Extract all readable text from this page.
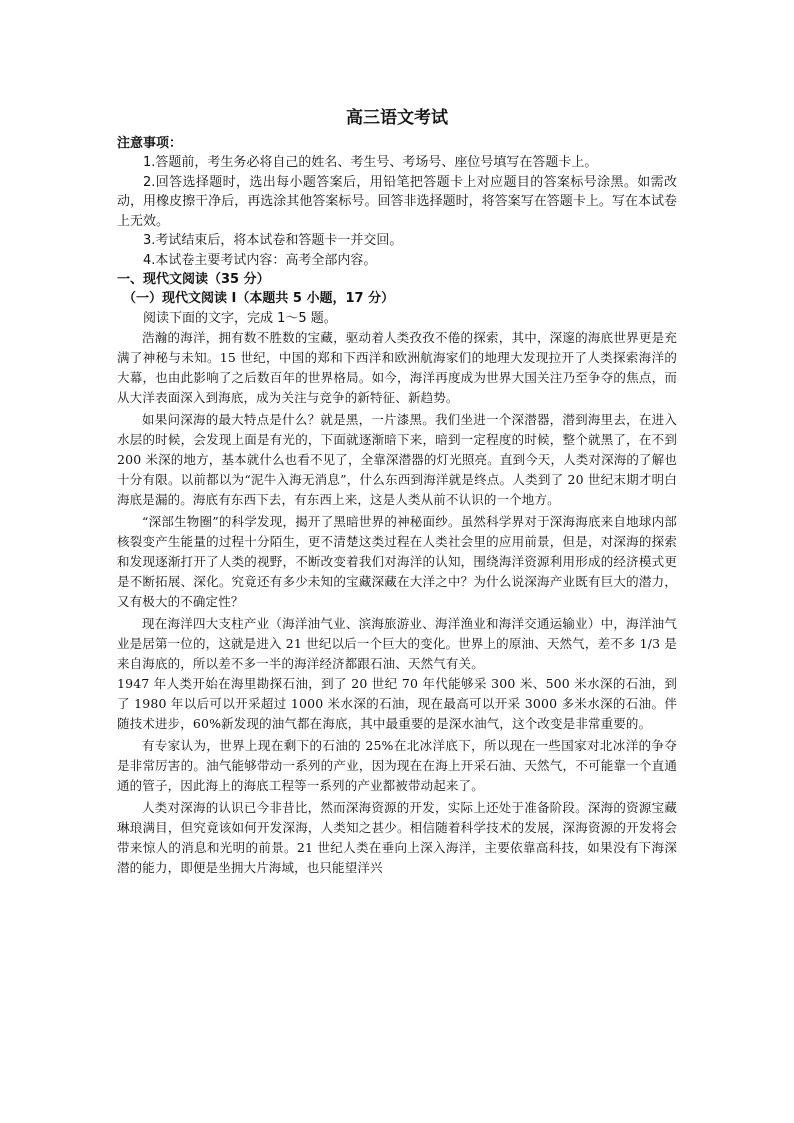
高三语文考试

注意事项：

1.答题前，考生务必将自己的姓名、考生号、考场号、座位号填写在答题卡上。

2.回答选择题时，选出每小题答案后，用铅笔把答题卡上对应题目的答案标号涂黑。如需改动，用橡皮擦干净后，再选涂其他答案标号。回答非选择题时，将答案写在答题卡上。写在本试卷上无效。

3.考试结束后，将本试卷和答题卡一并交回。

4.本试卷主要考试内容：高考全部内容。

一、现代文阅读（35 分）

（一）现代文阅读 I（本题共 5 小题，17 分）

阅读下面的文字，完成 1～5 题。

浩瀚的海洋，拥有数不胜数的宝藏，驱动着人类孜孜不倦的探索，其中，深邃的海底世界更是充满了神秘与未知。15 世纪，中国的郑和下西洋和欧洲航海家们的地理大发现拉开了人类探索海洋的大幕，也由此影响了之后数百年的世界格局。如今，海洋再度成为世界大国关注乃至争夺的焦点，而从大洋表面深入到海底，成为关注与竞争的新特征、新趋势。

如果问深海的最大特点是什么？就是黑，一片漆黑。我们坐进一个深潜器，潜到海里去，在进入水层的时候，会发现上面是有光的，下面就逐渐暗下来，暗到一定程度的时候，整个就黑了，在不到 200 米深的地方，基本就什么也看不见了，全靠深潜器的灯光照亮。直到今天，人类对深海的了解也十分有限。以前都以为“泥牛入海无消息”，什么东西到海洋就是终点。人类到了 20 世纪末期才明白海底是漏的。海底有东西下去，有东西上来，这是人类从前不认识的一个地方。

“深部生物圈”的科学发现，揭开了黑暗世界的神秘面纱。虽然科学界对于深海海底来自地球内部核裂变产生能量的过程十分陌生，更不清楚这类过程在人类社会里的应用前景，但是，对深海的探索和发现逐渐打开了人类的视野，不断改变着我们对海洋的认知，围绕海洋资源利用形成的经济模式更是不断拓展、深化。究竟还有多少未知的宝藏深藏在大洋之中？为什么说深海产业既有巨大的潜力，又有极大的不确定性？

现在海洋四大支柱产业（海洋油气业、滨海旅游业、海洋渔业和海洋交通运输业）中，海洋油气业是居第一位的，这就是进入 21 世纪以后一个巨大的变化。世界上的原油、天然气，差不多 1/3 是来自海底的，所以差不多一半的海洋经济都跟石油、天然气有关。

1947 年人类开始在海里勘探石油，到了 20 世纪 70 年代能够采 300 米、500 米水深的石油，到了 1980 年以后可以开采超过 1000 米水深的石油，现在最高可以开采 3000 多米水深的石油。伴随技术进步，60%新发现的油气都在海底，其中最重要的是深水油气，这个改变是非常重要的。

有专家认为，世界上现在剩下的石油的 25%在北冰洋底下，所以现在一些国家对北冰洋的争夺是非常厉害的。油气能够带动一系列的产业，因为现在在海上开采石油、天然气，不可能靠一个直通通的管子，因此海上的海底工程等一系列的产业都被带动起来了。

人类对深海的认识已今非昔比，然而深海资源的开发，实际上还处于准备阶段。深海的资源宝藏琳琅满目，但究竟该如何开发深海，人类知之甚少。相信随着科学技术的发展，深海资源的开发将会带来惊人的消息和光明的前景。21 世纪人类在垂向上深入海洋，主要依靠高科技，如果没有下海深潜的能力，即便是坐拥大片海域，也只能望洋兴
